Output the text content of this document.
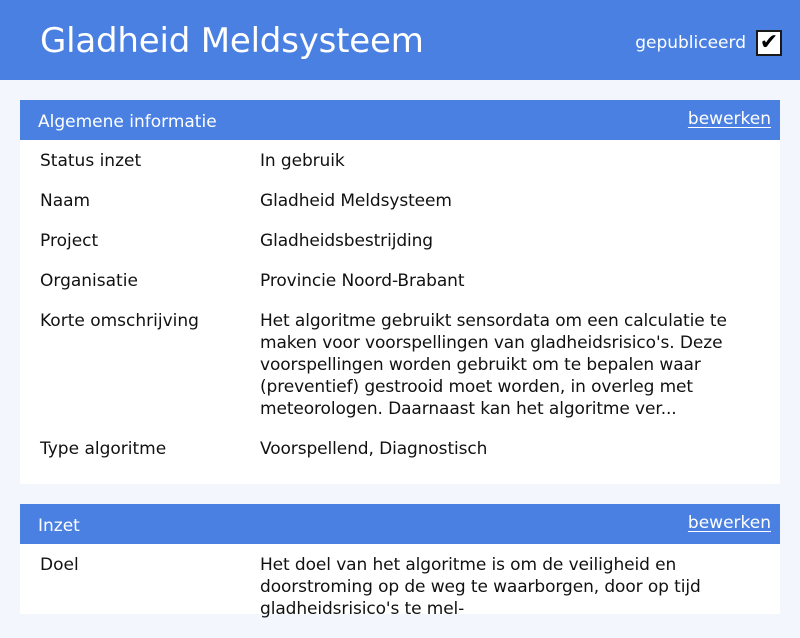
Gladheid Meldsysteem	gepubliceerd ✔
Algemene informatie	bewerken
Status inzet	In gebruik
Naam	Gladheid Meldsysteem
Project	Gladheidsbestrijding
Organisatie	Provincie Noord-Brabant
Korte omschrijving	Het algoritme gebruikt sensordata om een calculatie te maken voor voorspellingen van gladheidsrisico's. Deze voorspellingen worden gebruikt om te bepalen waar (preventief) gestrooid moet worden, in overleg met meteorologen. Daarnaast kan het algoritme ver...
Type algoritme	Voorspellend, Diagnostisch
Inzet	bewerken
Doel	Het doel van het algoritme is om de veiligheid en doorstroming op de weg te waarborgen, door op tijd gladheidsrisico's te mel-
